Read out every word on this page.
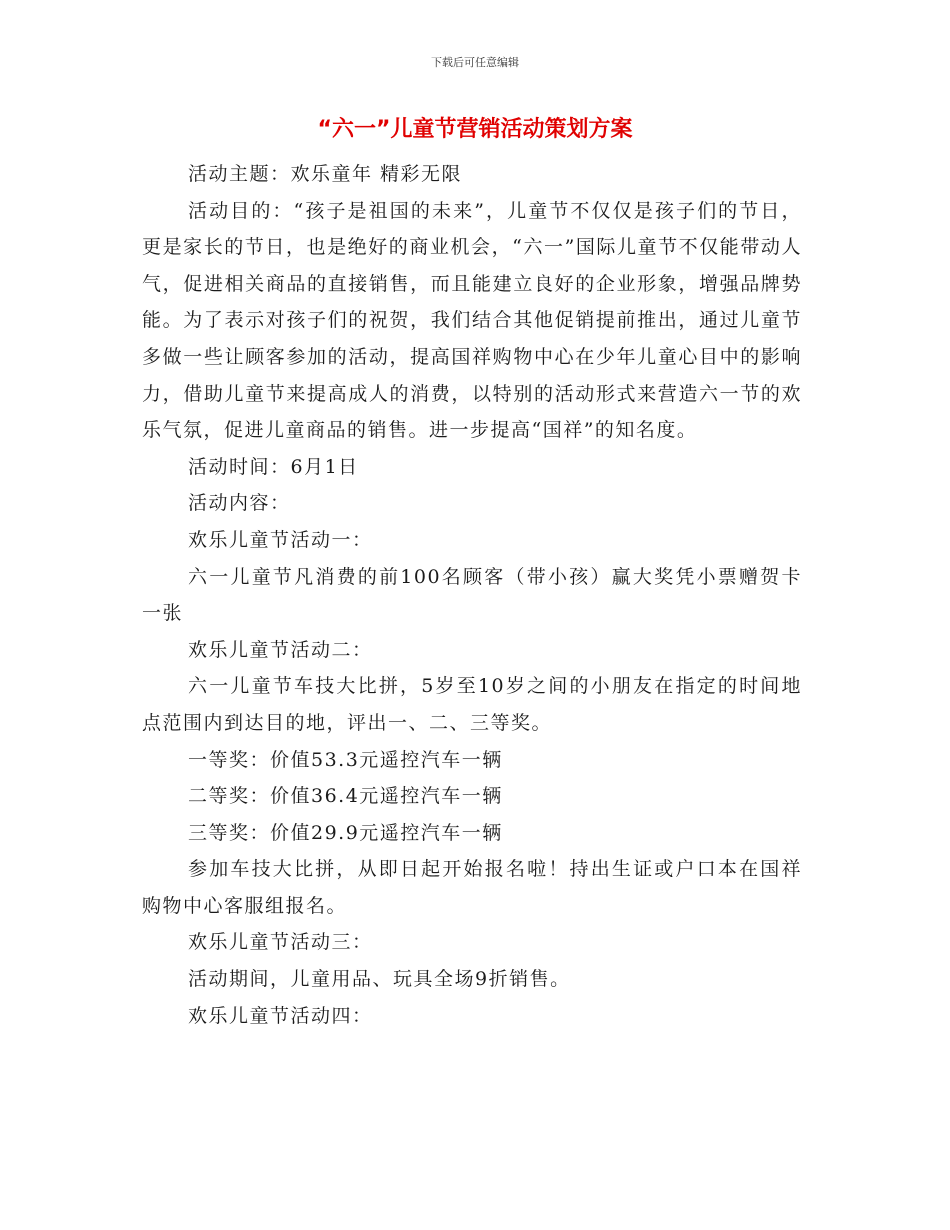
下载后可任意编辑
“六一”儿童节营销活动策划方案

活动主题：欢乐童年 精彩无限

活动目的：“孩子是祖国的未来”，儿童节不仅仅是孩子们的节日，更是家长的节日，也是绝好的商业机会，“六一”国际儿童节不仅能带动人气，促进相关商品的直接销售，而且能建立良好的企业形象，增强品牌势能。为了表示对孩子们的祝贺，我们结合其他促销提前推出，通过儿童节多做一些让顾客参加的活动，提高国祥购物中心在少年儿童心目中的影响力，借助儿童节来提高成人的消费，以特别的活动形式来营造六一节的欢乐气氛，促进儿童商品的销售。进一步提高“国祥”的知名度。

活动时间：6月1日

活动内容：

欢乐儿童节活动一：

六一儿童节凡消费的前100名顾客（带小孩）赢大奖凭小票赠贺卡一张

欢乐儿童节活动二：

六一儿童节车技大比拼，5岁至10岁之间的小朋友在指定的时间地点范围内到达目的地，评出一、二、三等奖。

一等奖：价值53.3元遥控汽车一辆

二等奖：价值36.4元遥控汽车一辆

三等奖：价值29.9元遥控汽车一辆

参加车技大比拼，从即日起开始报名啦！持出生证或户口本在国祥购物中心客服组报名。

欢乐儿童节活动三：

活动期间，儿童用品、玩具全场9折销售。

欢乐儿童节活动四：
